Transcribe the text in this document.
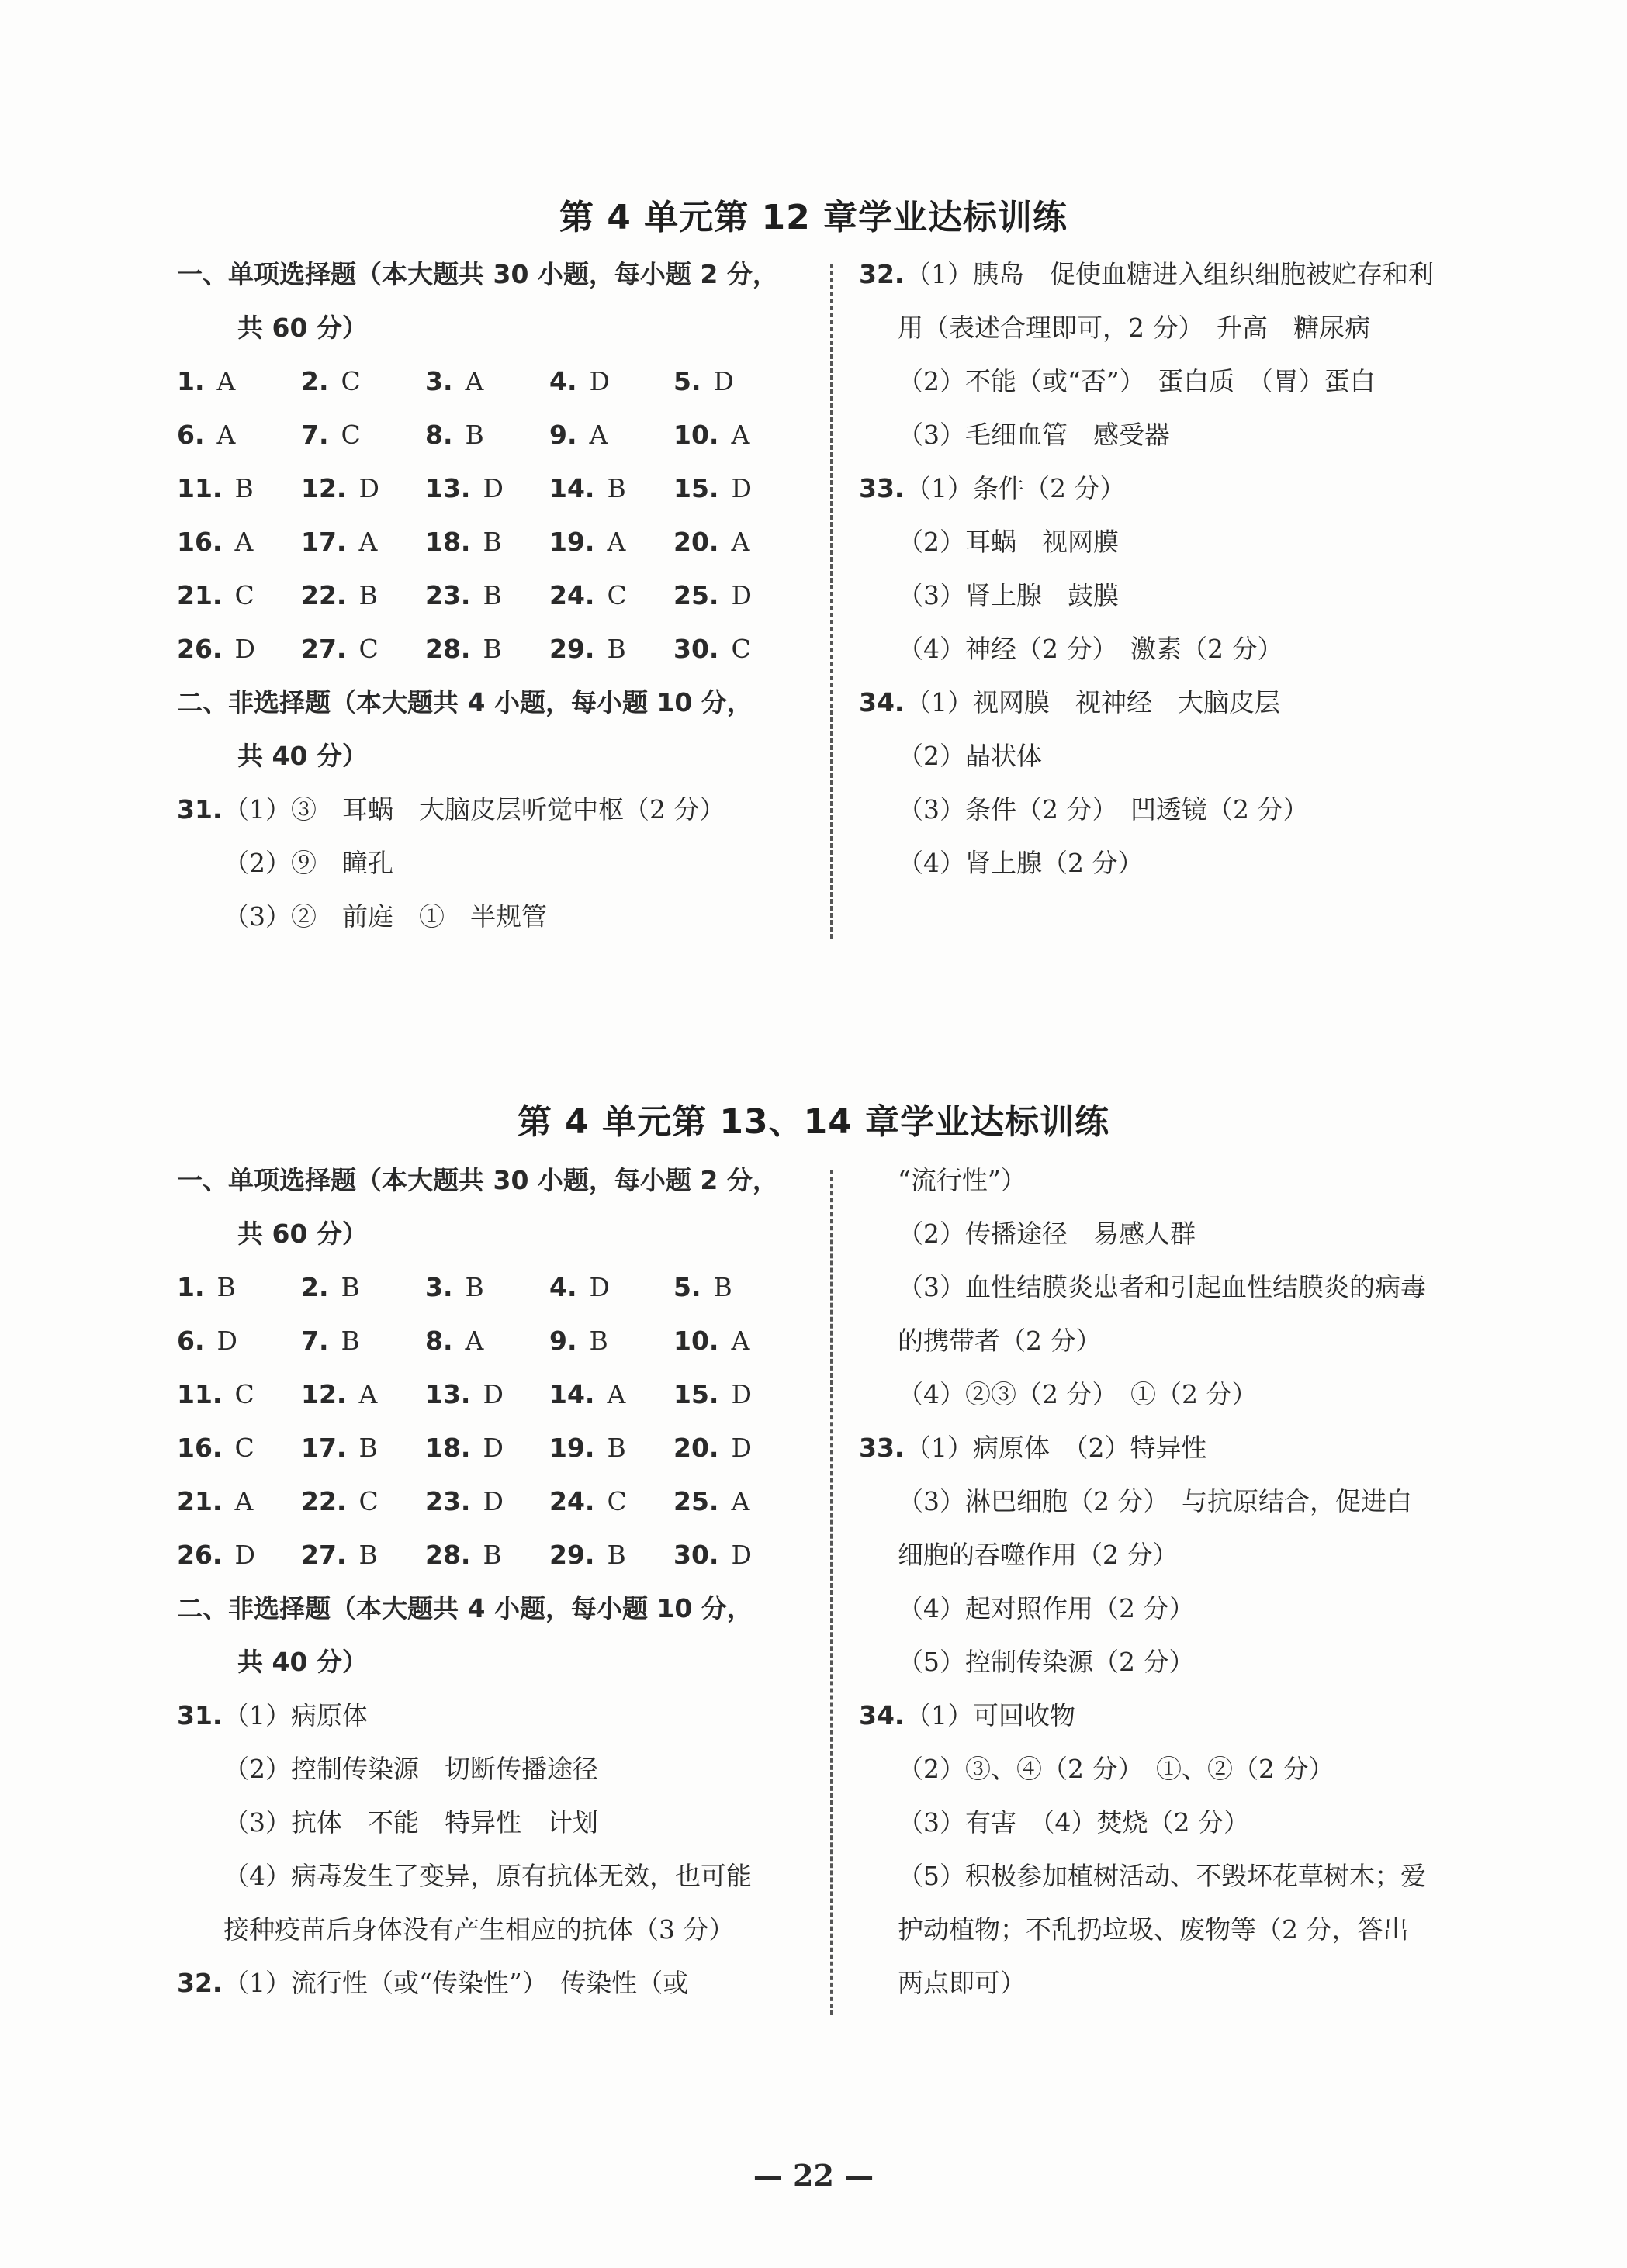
第 4 单元第 12 章学业达标训练
一、单项选择题（本大题共 30 小题，每小题 2 分，
共 60 分）
1. A	2. C	3. A	4. D 5. D
6. A	7. C	8. B	9. A	10. A
11. B 12. D 13. D 14. B 15. D
16. A 17. A 18. B 19. A 20. A
21. C 22. B 23. B 24. C 25. D
26. D 27. C 28. B 29. B 30. C
二、非选择题（本大题共 4 小题，每小题 10 分，
共 40 分）
31.（1）③　耳蜗　大脑皮层听觉中枢（2 分）
（2）⑨　瞳孔
（3）②　前庭　①　半规管
32.（1）胰岛　促使血糖进入组织细胞被贮存和利
用（表述合理即可，2 分）　升高　糖尿病
（2）不能（或“否”）　蛋白质　（胃）蛋白
（3）毛细血管　感受器
33.（1）条件（2 分）
（2）耳蜗　视网膜
（3）肾上腺　鼓膜
（4）神经（2 分）　激素（2 分）
34.（1）视网膜　视神经　大脑皮层
（2）晶状体
（3）条件（2 分）　凹透镜（2 分）
（4）肾上腺（2 分）
第 4 单元第 13、14 章学业达标训练
一、单项选择题（本大题共 30 小题，每小题 2 分，
共 60 分）
1. B	2. B	3. B	4. D 5. B
6. D 7. B	8. A	9. B	10. A
11. C 12. A 13. D 14. A 15. D
16. C 17. B 18. D 19. B 20. D
21. A 22. C 23. D 24. C 25. A
26. D 27. B 28. B 29. B 30. D
二、非选择题（本大题共 4 小题，每小题 10 分，
共 40 分）
31.（1）病原体
（2）控制传染源　切断传播途径
（3）抗体　不能　特异性　计划
（4）病毒发生了变异，原有抗体无效，也可能
接种疫苗后身体没有产生相应的抗体（3 分）
32.（1）流行性（或“传染性”）　传染性（或
“流行性”）
（2）传播途径　易感人群
（3）血性结膜炎患者和引起血性结膜炎的病毒
的携带者（2 分）
（4）②③（2 分）　①（2 分）
33.（1）病原体　（2）特异性
（3）淋巴细胞（2 分）　与抗原结合，促进白
细胞的吞噬作用（2 分）
（4）起对照作用（2 分）
（5）控制传染源（2 分）
34.（1）可回收物
（2）③、④（2 分）　①、②（2 分）
（3）有害　（4）焚烧（2 分）
（5）积极参加植树活动、不毁坏花草树木；爱
护动植物；不乱扔垃圾、废物等（2 分，答出
两点即可）
— 22 —
